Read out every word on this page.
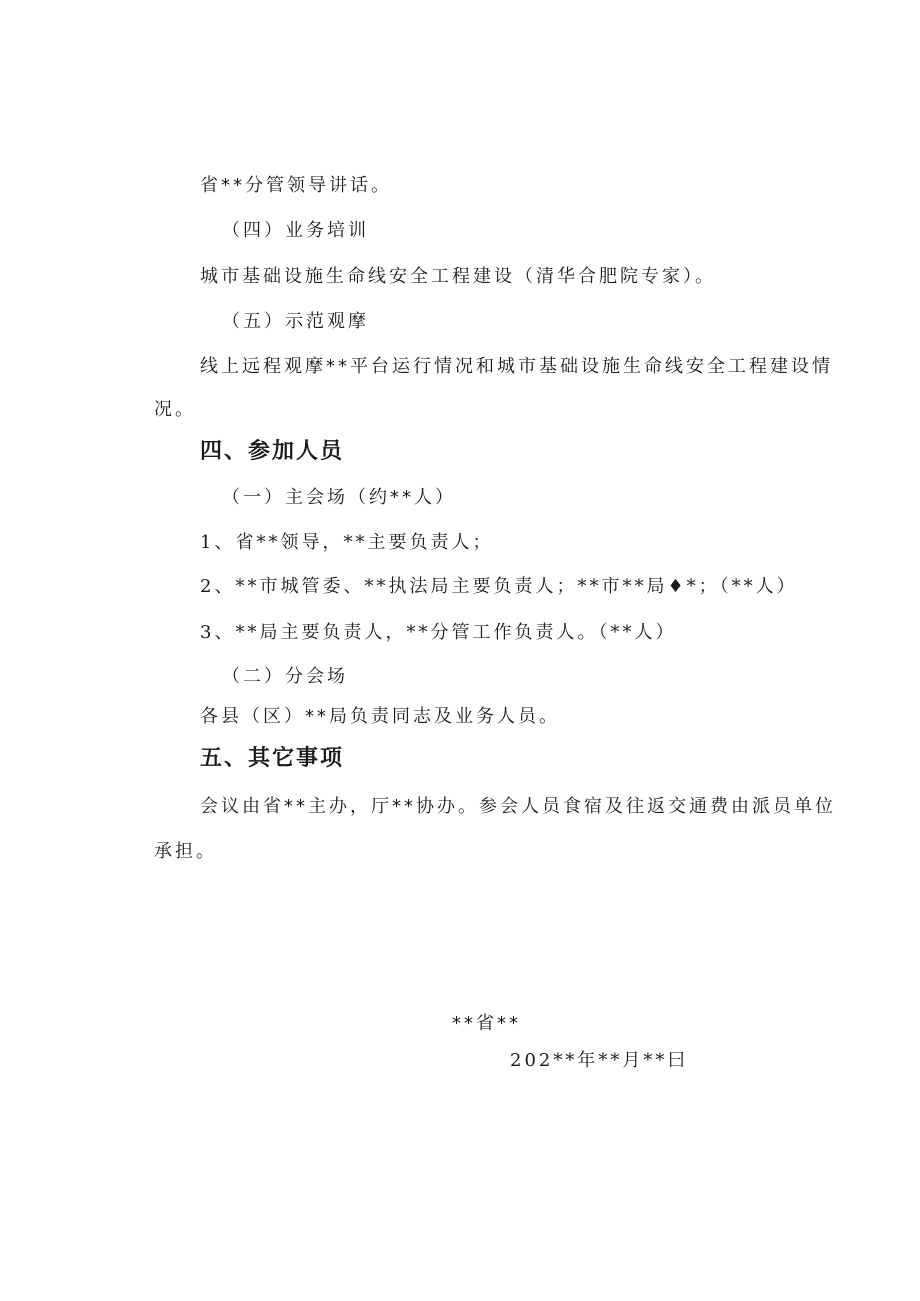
省**分管领导讲话。
（四）业务培训
城市基础设施生命线安全工程建设（清华合肥院专家）。
（五）示范观摩
线上远程观摩**平台运行情况和城市基础设施生命线安全工程建设情
况。
四、参加人员
（一）主会场（约**人）
1、省**领导，**主要负责人；
2、**市城管委、**执法局主要负责人；**市**局♦*；（**人）
3、**局主要负责人，**分管工作负责人。（**人）
（二）分会场
各县（区）**局负责同志及业务人员。
五、其它事项
会议由省**主办，厅**协办。参会人员食宿及往返交通费由派员单位
承担。
**省**
202**年**月**曰
